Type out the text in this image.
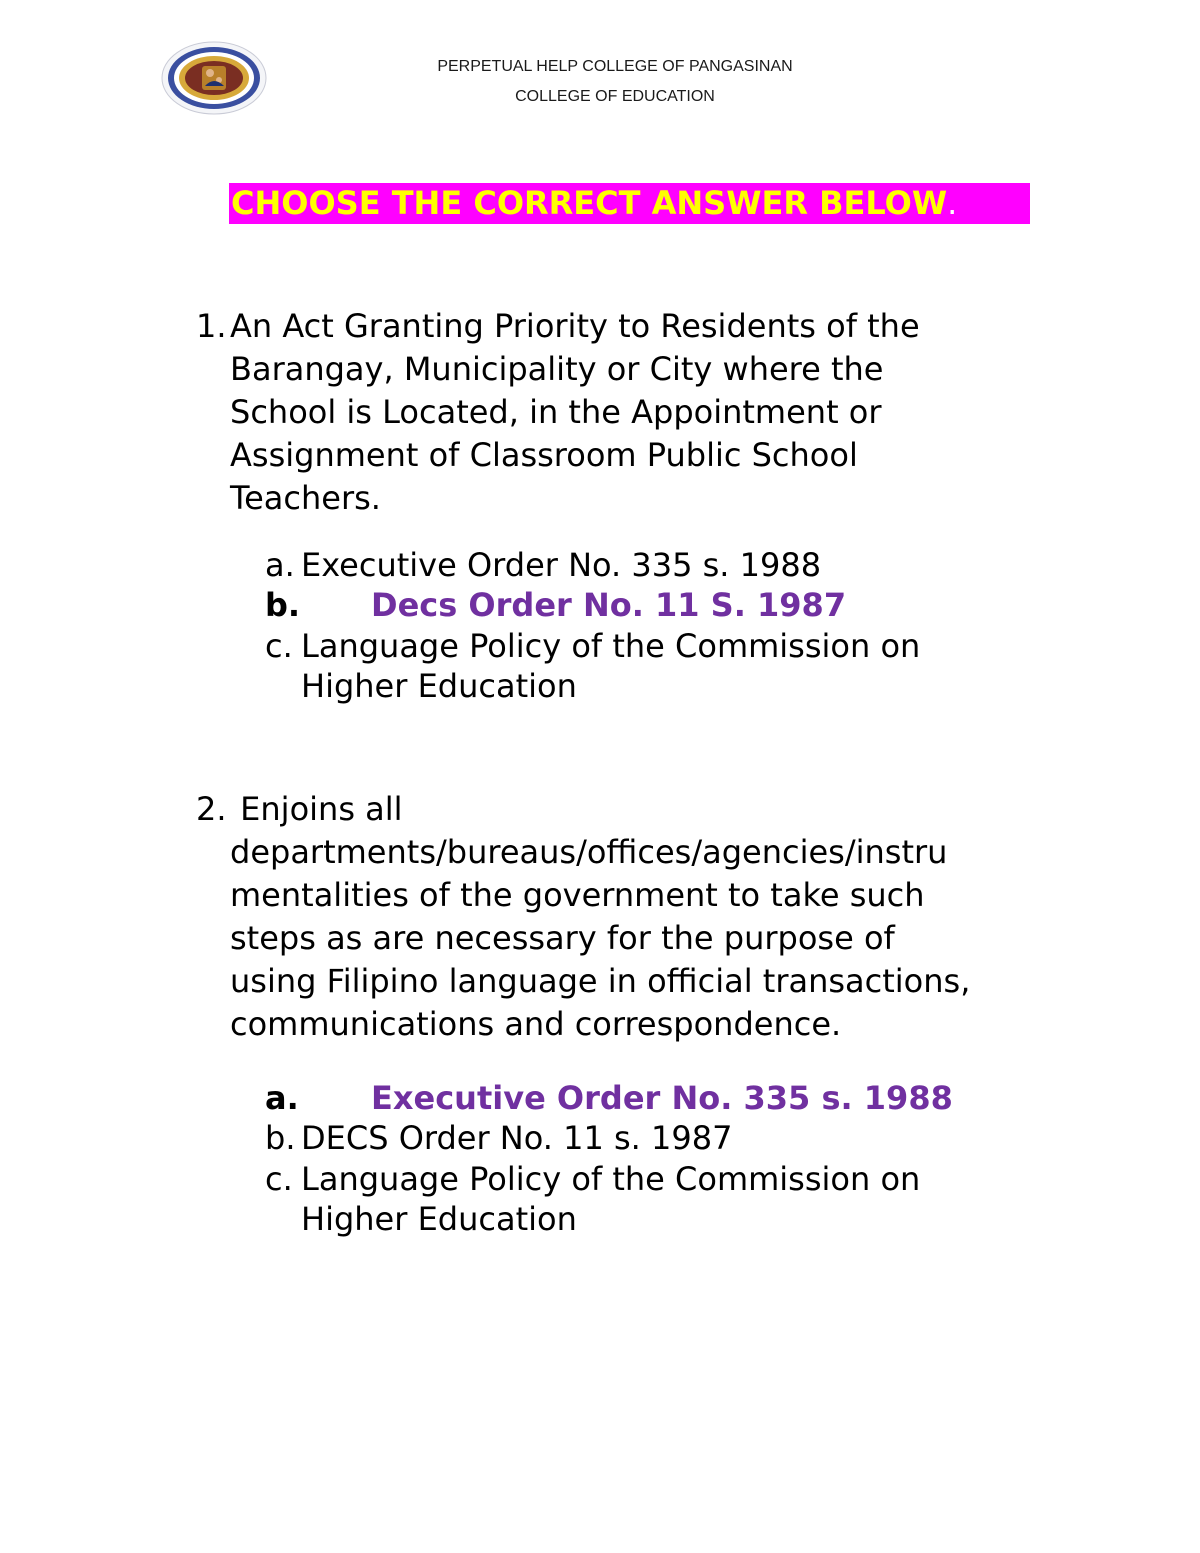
PERPETUAL HELP COLLEGE OF PANGASINAN
COLLEGE OF EDUCATION
CHOOSE THE CORRECT ANSWER BELOW.
1. An Act Granting Priority to Residents of the
Barangay, Municipality or City where the
School is Located, in the Appointment or
Assignment of Classroom Public School
Teachers.
a. Executive Order No. 335 s. 1988
b.	Decs Order No. 11 S. 1987
c. Language Policy of the Commission on
Higher Education
2. Enjoins all
departments/bureaus/offices/agencies/instru
mentalities of the government to take such
steps as are necessary for the purpose of
using Filipino language in official transactions,
communications and correspondence.
a.	Executive Order No. 335 s. 1988
b. DECS Order No. 11 s. 1987
c. Language Policy of the Commission on
Higher Education
